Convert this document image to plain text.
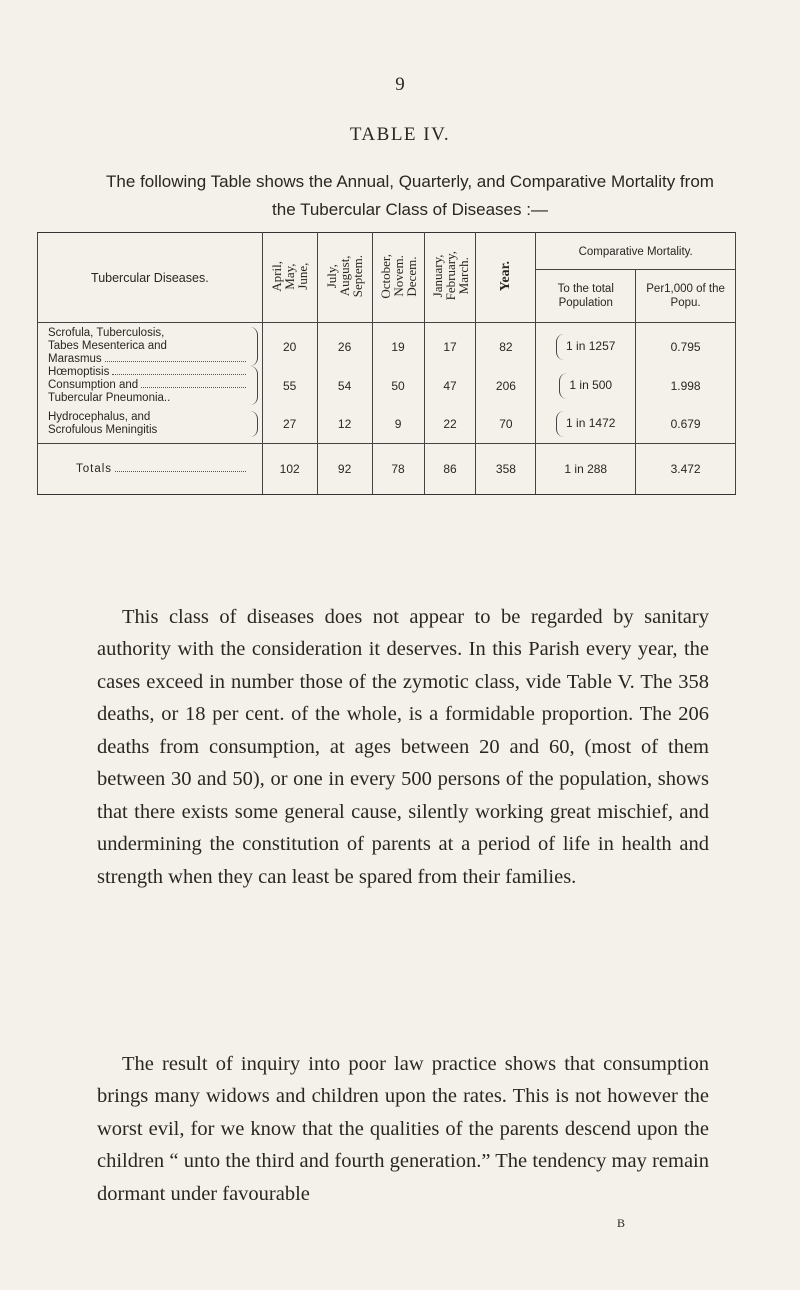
9
TABLE IV.
The following Table shows the Annual, Quarterly, and Comparative Mortality from the Tubercular Class of Diseases :—
Tubercular Diseases.	April,
May,
June,	July,
August,
Septem.	October,
Novem.
Decem.	January,
February,
March.	Year.	Comparative Mortality.	

						To the total Population	Per1,000 of the Popu.

Scrofula, Tuberculosis,
Tabes Mesenterica and
Marasmus	20	26	19	17	82	1 in 1257	0.795

Hœmoptisis
Consumption and
Tubercular Pneumonia..	55	54	50	47	206	1 in 500	1.998

Hydrocephalus, and
Scrofulous Meningitis	27	12	9	22	70	1 in 1472	0.679

Totals	102	92	78	86	358	1 in 288	3.472

This class of diseases does not appear to be regarded by sanitary authority with the consideration it deserves. In this Parish every year, the cases exceed in number those of the zymotic class, vide Table V. The 358 deaths, or 18 per cent. of the whole, is a formidable proportion. The 206 deaths from consumption, at ages between 20 and 60, (most of them between 30 and 50), or one in every 500 persons of the population, shows that there exists some general cause, silently working great mischief, and undermining the constitution of parents at a period of life in health and strength when they can least be spared from their families.

The result of inquiry into poor law practice shows that consumption brings many widows and children upon the rates. This is not however the worst evil, for we know that the qualities of the parents descend upon the children “ unto the third and fourth generation.” The tendency may remain dormant under favourable

B
